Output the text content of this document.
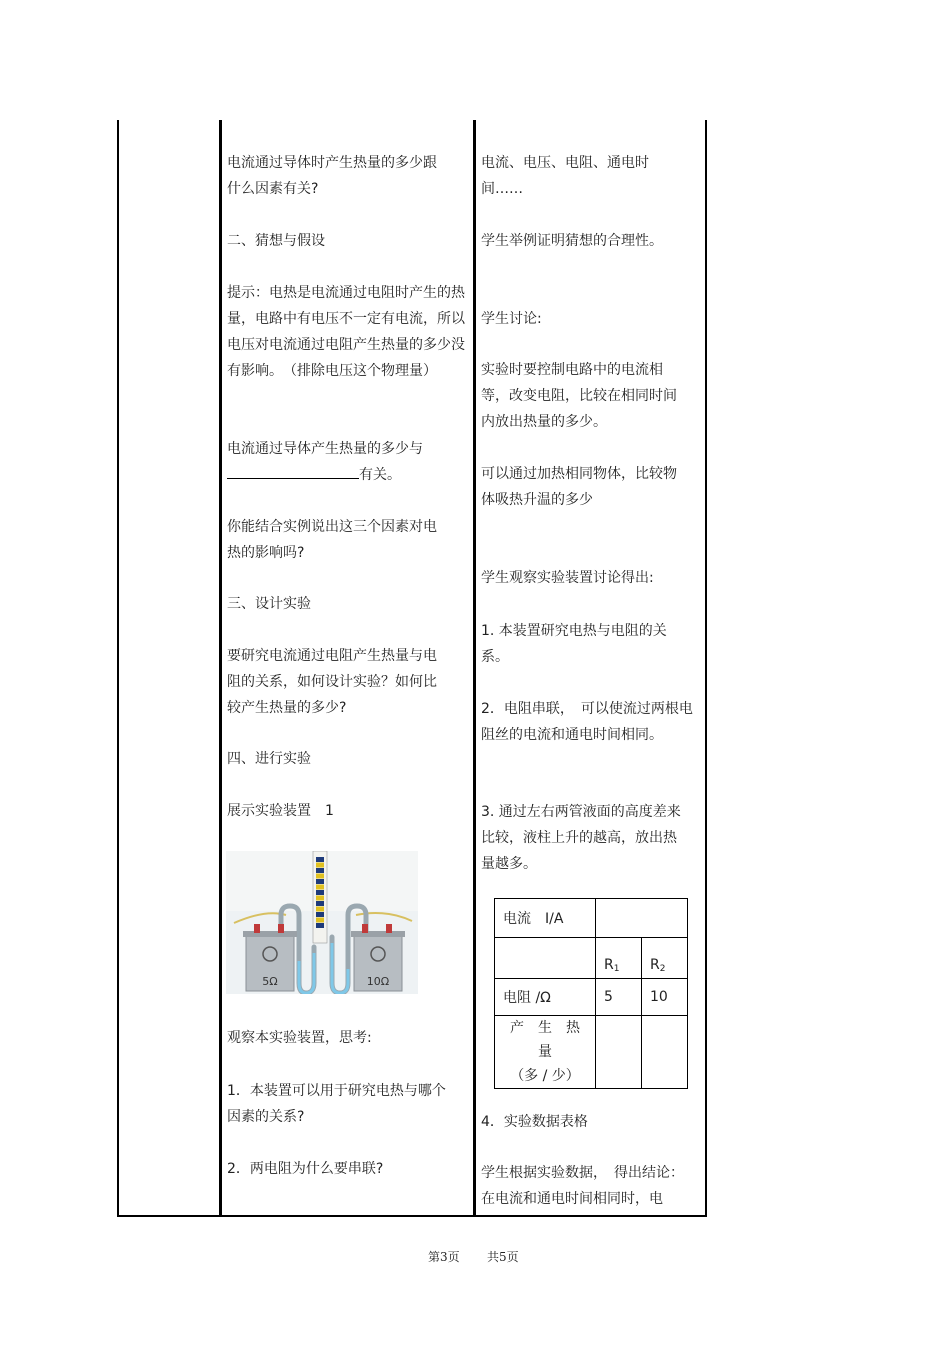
电流通过导体时产生热量的多少跟什么因素有关?
二、猜想与假设
提示：电热是电流通过电阻时产生的热量，电路中有电压不一定有电流，所以电压对电流通过电阻产生热量的多少没有影响。　（排除电压这个物理量）
电流通过导体产生热量的多少与
有关。
你能结合实例说出这三个因素对电热的影响吗?
三、设计实验
要研究电流通过电阻产生热量与电阻的关系，如何设计实验？如何比较产生热量的多少?
四、进行实验
展示实验装置　1
5Ω	10Ω
观察本实验装置，思考:
1．本装置可以用于研究电热与哪个因素的关系?
2．两电阻为什么要串联?
电流、电压、电阻、通电时间……
学生举例证明猜想的合理性。
学生讨论:
实验时要控制电路中的电流相等，改变电阻，比较在相同时间内放出热量的多少。
可以通过加热相同物体，比较物体吸热升温的多少
学生观察实验装置讨论得出:
1. 本装置研究电热与电阻的关系。
2．电阻串联，　可以使流过两根电阻丝的电流和通电时间相同。
3. 通过左右两管液面的高度差来比较，液柱上升的越高，放出热量越多。
电流　I/A		
	$R_1$	$R_2$
电阻 /Ω	5	10
产　生　热　量
（多 / 少）		
4．实验数据表格
学生根据实验数据，　得出结论：在电流和通电时间相同时，电
第3页 共5页
